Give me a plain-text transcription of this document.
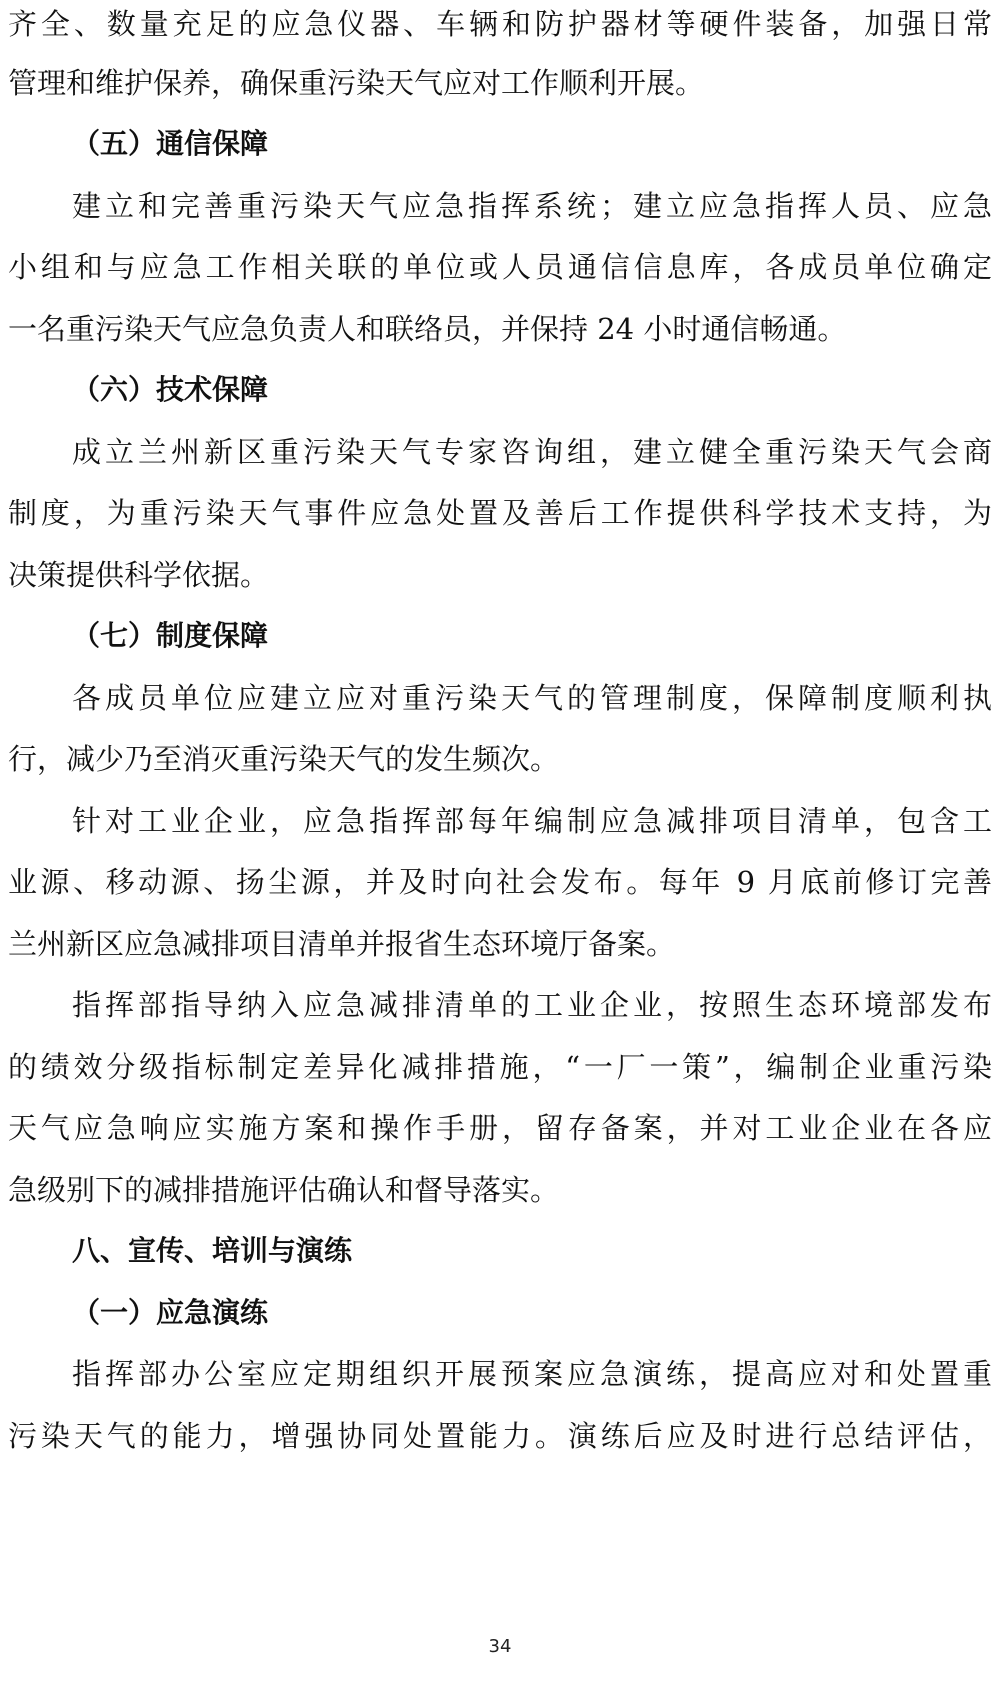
齐全、数量充足的应急仪器、车辆和防护器材等硬件装备，加强日常
管理和维护保养，确保重污染天气应对工作顺利开展。
（五）通信保障
建立和完善重污染天气应急指挥系统；建立应急指挥人员、应急
小组和与应急工作相关联的单位或人员通信信息库，各成员单位确定
一名重污染天气应急负责人和联络员，并保持 24 小时通信畅通。
（六）技术保障
成立兰州新区重污染天气专家咨询组，建立健全重污染天气会商
制度，为重污染天气事件应急处置及善后工作提供科学技术支持，为
决策提供科学依据。
（七）制度保障
各成员单位应建立应对重污染天气的管理制度，保障制度顺利执
行，减少乃至消灭重污染天气的发生频次。
针对工业企业，应急指挥部每年编制应急减排项目清单，包含工
业源、移动源、扬尘源，并及时向社会发布。每年 9 月底前修订完善
兰州新区应急减排项目清单并报省生态环境厅备案。
指挥部指导纳入应急减排清单的工业企业，按照生态环境部发布
的绩效分级指标制定差异化减排措施，“一厂一策”，编制企业重污染
天气应急响应实施方案和操作手册，留存备案，并对工业企业在各应
急级别下的减排措施评估确认和督导落实。
八、宣传、培训与演练
（一）应急演练
指挥部办公室应定期组织开展预案应急演练，提高应对和处置重
污染天气的能力，增强协同处置能力。演练后应及时进行总结评估，
34
